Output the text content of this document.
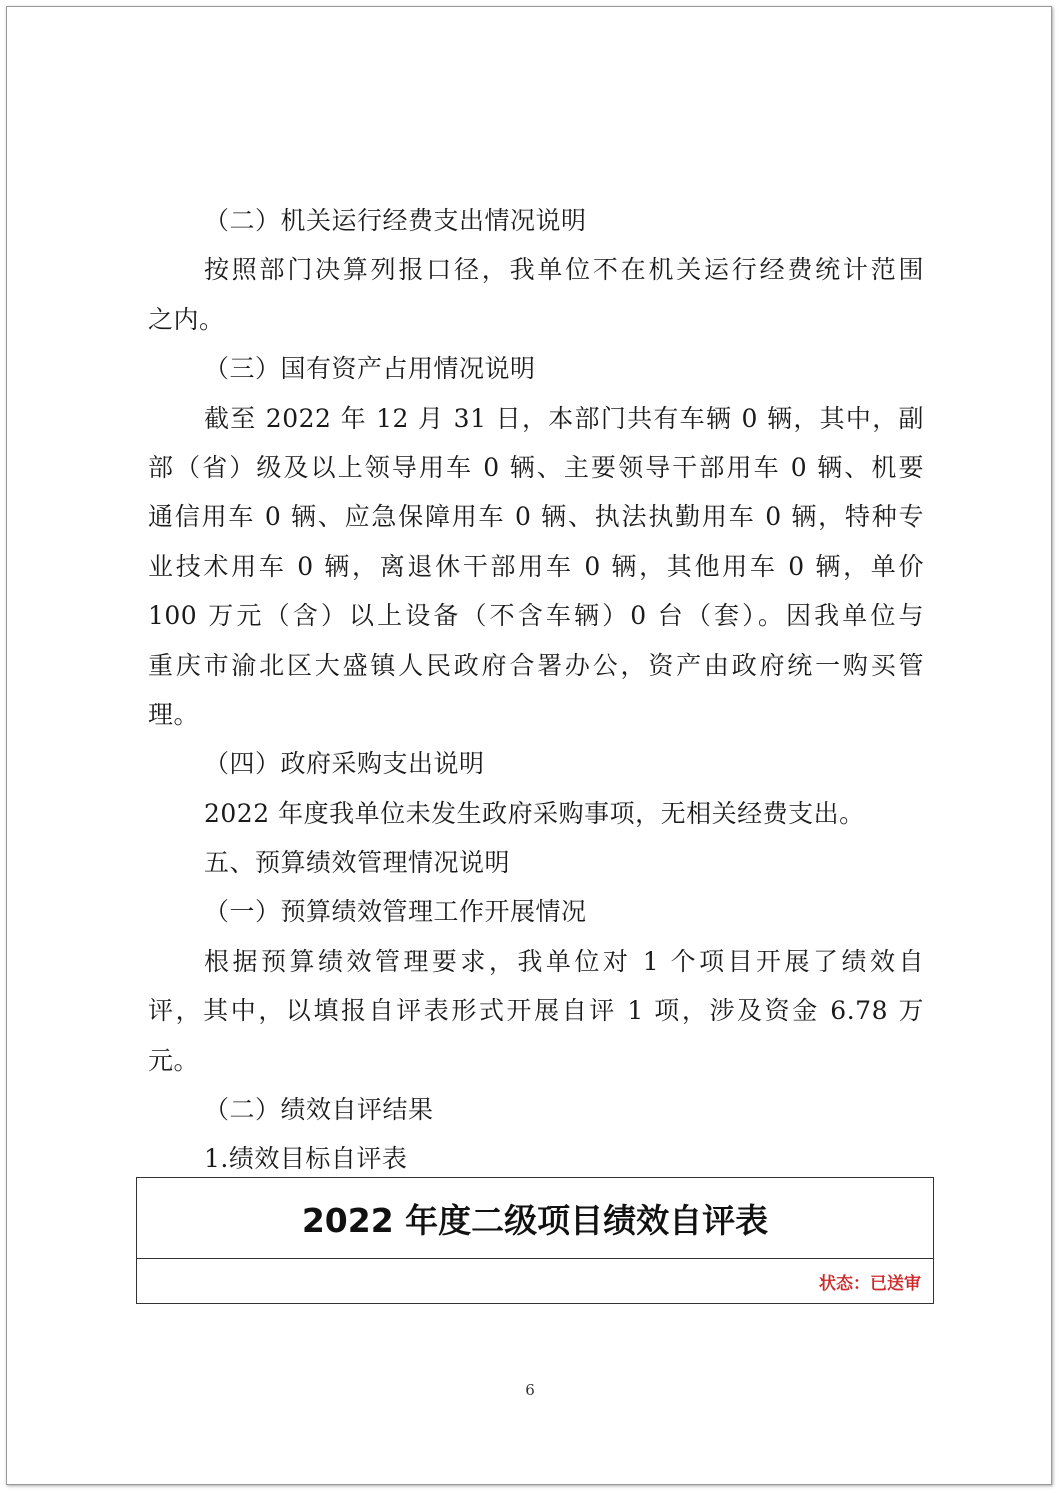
（二）机关运行经费支出情况说明
按照部门决算列报口径，我单位不在机关运行经费统计范围
之内。
（三）国有资产占用情况说明
截至 2022 年 12 月 31 日，本部门共有车辆 0 辆，其中，副
部（省）级及以上领导用车 0 辆、主要领导干部用车 0 辆、机要
通信用车 0 辆、应急保障用车 0 辆、执法执勤用车 0 辆，特种专
业技术用车 0 辆，离退休干部用车 0 辆，其他用车 0 辆，单价
100 万元（含）以上设备（不含车辆）0 台（套）。因我单位与
重庆市渝北区大盛镇人民政府合署办公，资产由政府统一购买管
理。
（四）政府采购支出说明
2022 年度我单位未发生政府采购事项，无相关经费支出。
五、预算绩效管理情况说明
（一）预算绩效管理工作开展情况
根据预算绩效管理要求，我单位对 1 个项目开展了绩效自
评，其中，以填报自评表形式开展自评 1 项，涉及资金 6.78 万
元。
（二）绩效自评结果
1.绩效目标自评表
2022 年度二级项目绩效自评表
状态：已送审
6
